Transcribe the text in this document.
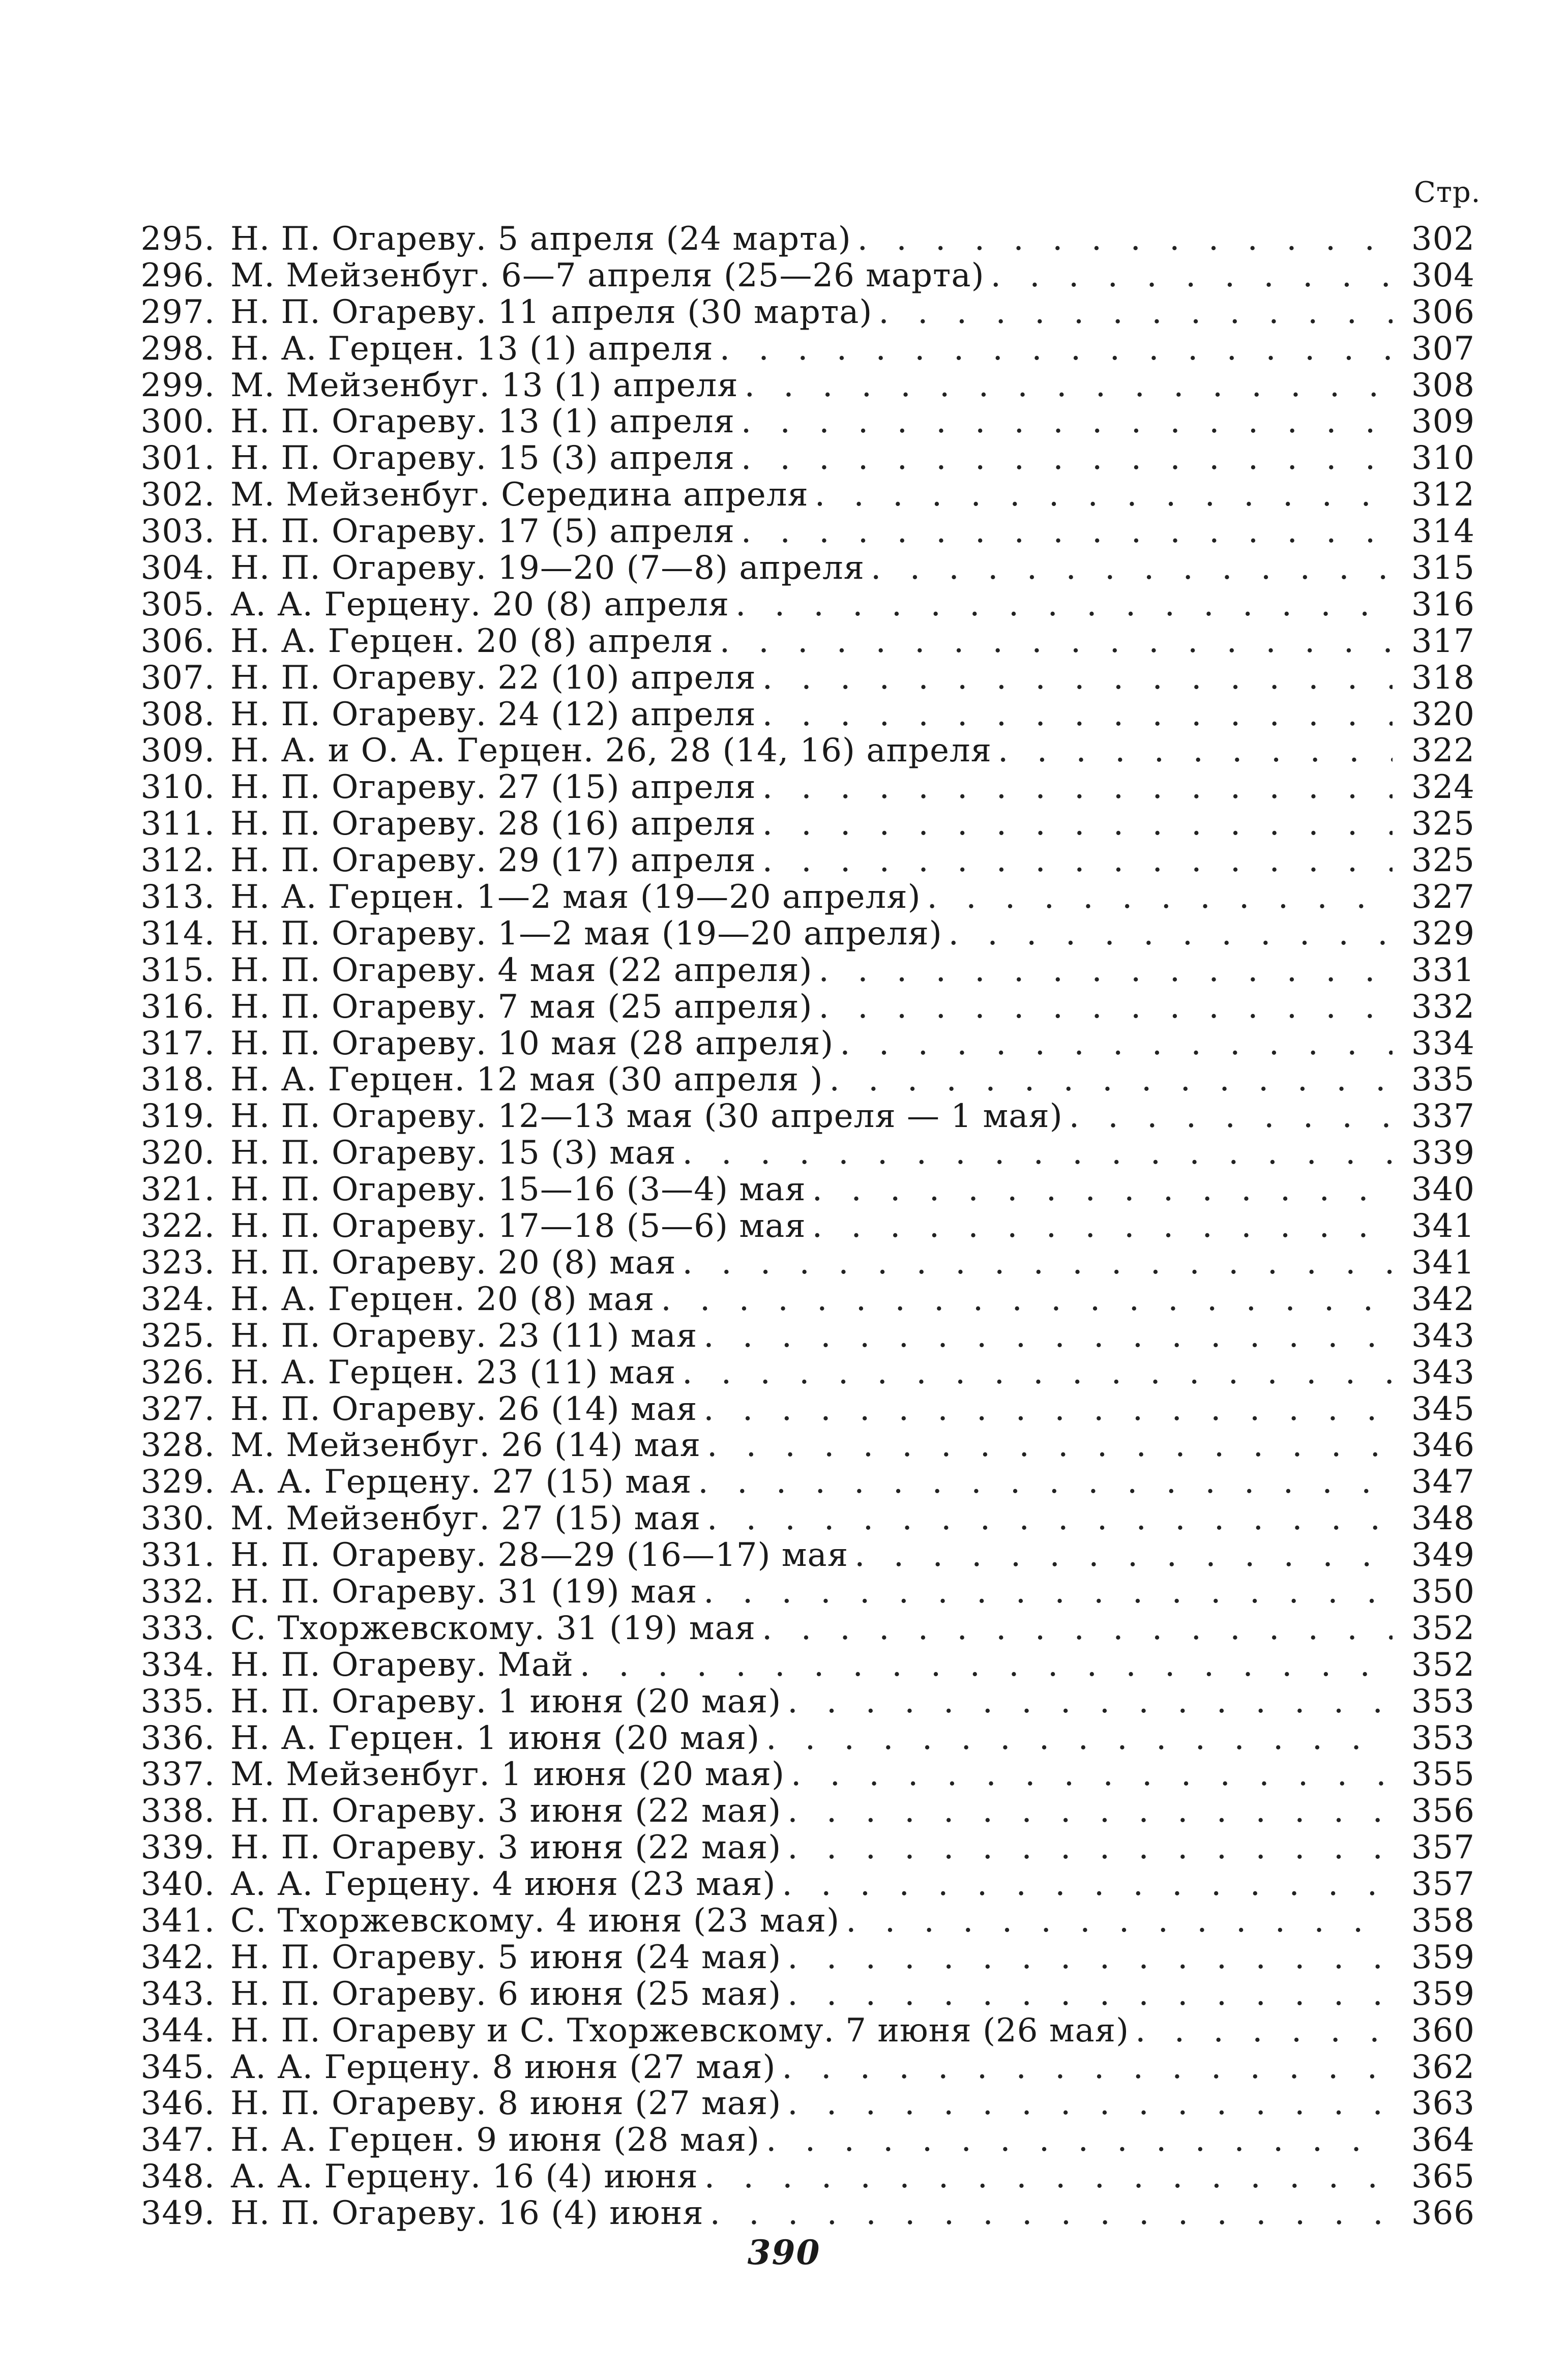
Стр.
295. Н. П. Огареву. 5 апреля (24 марта) . . .	302
296. М. Мейзенбуг. 6—7 апреля (25—26 марта) . . .	304
297. Н. П. Огареву. 11 апреля (30 марта) . . .	306
298. Н. А. Герцен. 13 (1) апреля . . .	307
299. М. Мейзенбуг. 13 (1) апреля . . .	308
300. Н. П. Огареву. 13 (1) апреля . . .	309
301. Н. П. Огареву. 15 (3) апреля . . .	310
302. М. Мейзенбуг. Середина апреля . . .	312
303. Н. П. Огареву. 17 (5) апреля . . .	314
304. Н. П. Огареву. 19—20 (7—8) апреля . . .	315
305. А. А. Герцену. 20 (8) апреля . . .	316
306. Н. А. Герцен. 20 (8) апреля . . .	317
307. Н. П. Огареву. 22 (10) апреля . . .	318
308. Н. П. Огареву. 24 (12) апреля . . .	320
309. Н. А. и О. А. Герцен. 26, 28 (14, 16) апреля . . .	322
310. Н. П. Огареву. 27 (15) апреля . . .	324
311. Н. П. Огареву. 28 (16) апреля . . .	325
312. Н. П. Огареву. 29 (17) апреля . . .	325
313. Н. А. Герцен. 1—2 мая (19—20 апреля) . . .	327
314. Н. П. Огареву. 1—2 мая (19—20 апреля) . . .	329
315. Н. П. Огареву. 4 мая (22 апреля) . . .	331
316. Н. П. Огареву. 7 мая (25 апреля) . . .	332
317. Н. П. Огареву. 10 мая (28 апреля) . . .	334
318. Н. А. Герцен. 12 мая (30 апреля ) . . .	335
319. Н. П. Огареву. 12—13 мая (30 апреля — 1 мая) . . .	337
320. Н. П. Огареву. 15 (3) мая . . .	339
321. Н. П. Огареву. 15—16 (3—4) мая . . .	340
322. Н. П. Огареву. 17—18 (5—6) мая . . .	341
323. Н. П. Огареву. 20 (8) мая . . .	341
324. Н. А. Герцен. 20 (8) мая . . .	342
325. Н. П. Огареву. 23 (11) мая . . .	343
326. Н. А. Герцен. 23 (11) мая . . .	343
327. Н. П. Огареву. 26 (14) мая . . .	345
328. М. Мейзенбуг. 26 (14) мая . . .	346
329. А. А. Герцену. 27 (15) мая . . .	347
330. М. Мейзенбуг. 27 (15) мая . . .	348
331. Н. П. Огареву. 28—29 (16—17) мая . . .	349
332. Н. П. Огареву. 31 (19) мая . . .	350
333. С. Тхоржевскому. 31 (19) мая . . .	352
334. Н. П. Огареву. Май . . .	352
335. Н. П. Огареву. 1 июня (20 мая) . . .	353
336. Н. А. Герцен. 1 июня (20 мая) . . .	353
337. М. Мейзенбуг. 1 июня (20 мая) . . .	355
338. Н. П. Огареву. 3 июня (22 мая) . . .	356
339. Н. П. Огареву. 3 июня (22 мая) . . .	357
340. А. А. Герцену. 4 июня (23 мая) . . .	357
341. С. Тхоржевскому. 4 июня (23 мая) . . .	358
342. Н. П. Огареву. 5 июня (24 мая) . . .	359
343. Н. П. Огареву. 6 июня (25 мая) . . .	359
344. Н. П. Огареву и С. Тхоржевскому. 7 июня (26 мая) . . .	360
345. А. А. Герцену. 8 июня (27 мая) . . .	362
346. Н. П. Огареву. 8 июня (27 мая) . . .	363
347. Н. А. Герцен. 9 июня (28 мая) . . .	364
348. А. А. Герцену. 16 (4) июня . . .	365
349. Н. П. Огареву. 16 (4) июня . . .	366
390
